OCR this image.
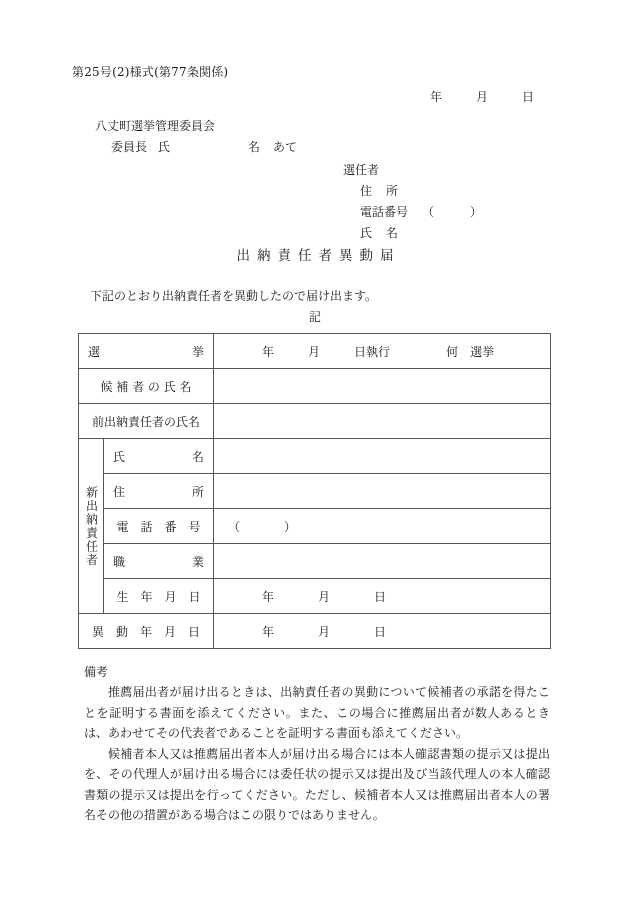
第25号(2)様式(第77条関係)
年	月	日
八丈町選挙管理委員会
委員長 氏	名 あて
選任者
住 所
電話番号 （	）
氏 名
出納責任者異動届
下記のとおり出納責任者を異動したので届け出ます。
記
選 挙		年 月 日執行 何 選挙

候 補 者 の 氏 名		

前出納責任者の氏名		

新出納責任者	氏 名	

	住 所	

	電　話　番　号	（ ）

	職 業	

	生　年　月　日	年 月 日

異　動　年　月　日		年 月 日
備考

推薦届出者が届け出るときは、出納責任者の異動について候補者の承諾を得たことを証明する書面を添えてください。また、この場合に推薦届出者が数人あるときは、あわせてその代表者であることを証明する書面も添えてください。

候補者本人又は推薦届出者本人が届け出る場合には本人確認書類の提示又は提出を、その代理人が届け出る場合には委任状の提示又は提出及び当該代理人の本人確認書類の提示又は提出を行ってください。ただし、候補者本人又は推薦届出者本人の署名その他の措置がある場合はこの限りではありません。
